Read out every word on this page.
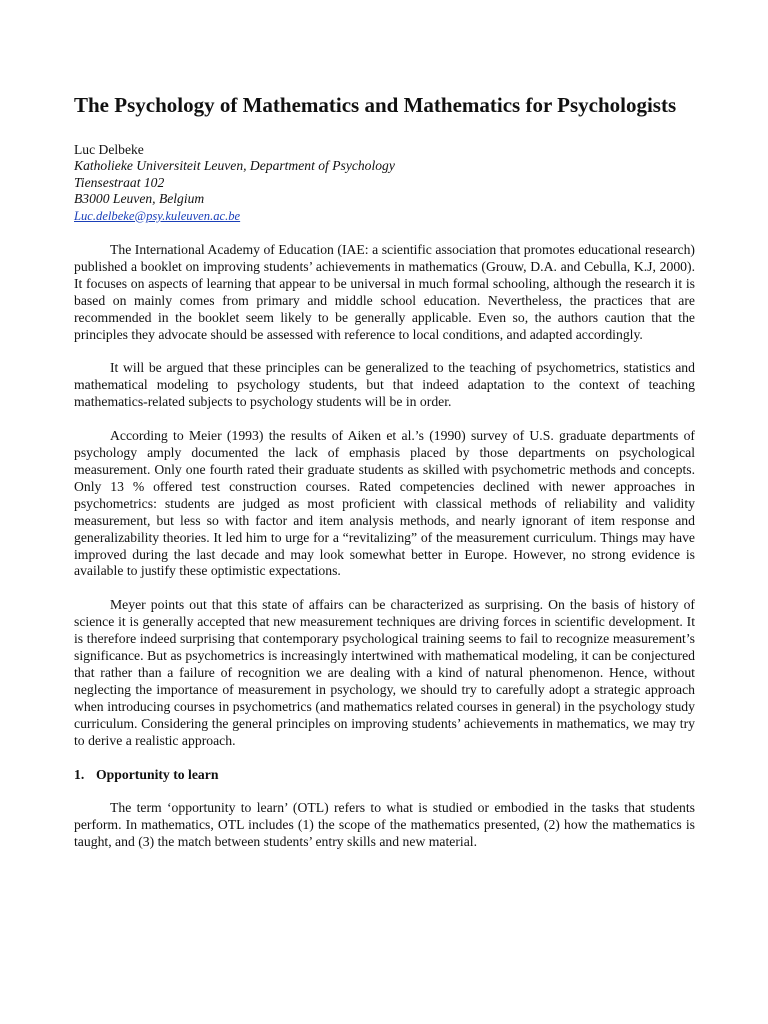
The Psychology of Mathematics and Mathematics for Psychologists
Luc Delbeke
Katholieke Universiteit Leuven, Department of Psychology
Tiensestraat 102
B3000 Leuven, Belgium
Luc.delbeke@psy.kuleuven.ac.be

The International Academy of Education (IAE: a scientific association that promotes educational research) published a booklet on improving students’ achievements in mathematics (Grouw, D.A. and Cebulla, K.J, 2000). It focuses on aspects of learning that appear to be universal in much formal schooling, although the research it is based on mainly comes from primary and middle school education. Nevertheless, the practices that are recommended in the booklet seem likely to be generally applicable. Even so, the authors caution that the principles they advocate should be assessed with reference to local conditions, and adapted accordingly.

It will be argued that these principles can be generalized to the teaching of psychometrics, statistics and mathematical modeling to psychology students, but that indeed adaptation to the context of teaching mathematics-related subjects to psychology students will be in order.

According to Meier (1993) the results of Aiken et al.’s (1990) survey of U.S. graduate departments of psychology amply documented the lack of emphasis placed by those departments on psychological measurement. Only one fourth rated their graduate students as skilled with psychometric methods and concepts. Only 13 % offered test construction courses. Rated competencies declined with newer approaches in psychometrics: students are judged as most proficient with classical methods of reliability and validity measurement, but less so with factor and item analysis methods, and nearly ignorant of item response and generalizability theories. It led him to urge for a “revitalizing” of the measurement curriculum. Things may have improved during the last decade and may look somewhat better in Europe. However, no strong evidence is available to justify these optimistic expectations.

Meyer points out that this state of affairs can be characterized as surprising. On the basis of history of science it is generally accepted that new measurement techniques are driving forces in scientific development. It is therefore indeed surprising that contemporary psychological training seems to fail to recognize measurement’s significance. But as psychometrics is increasingly intertwined with mathematical modeling, it can be conjectured that rather than a failure of recognition we are dealing with a kind of natural phenomenon. Hence, without neglecting the importance of measurement in psychology, we should try to carefully adopt a strategic approach when introducing courses in psychometrics (and mathematics related courses in general) in the psychology study curriculum. Considering the general principles on improving students’ achievements in mathematics, we may try to derive a realistic approach.

1. Opportunity to learn

The term ‘opportunity to learn’ (OTL) refers to what is studied or embodied in the tasks that students perform. In mathematics, OTL includes (1) the scope of the mathematics presented, (2) how the mathematics is taught, and (3) the match between students’ entry skills and new material.
